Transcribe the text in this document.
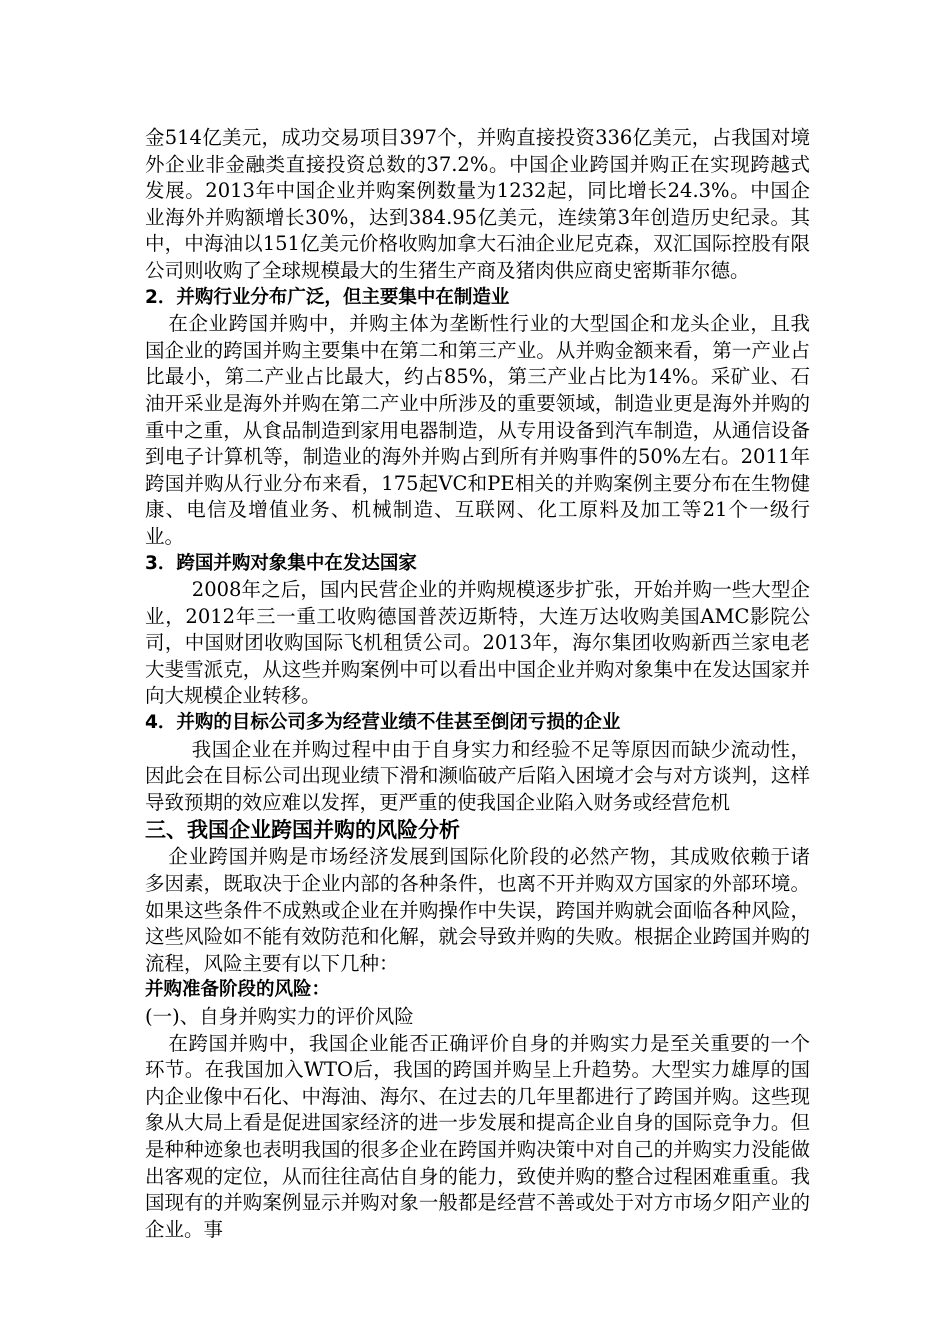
金514亿美元，成功交易项目397个，并购直接投资336亿美元，占我国对境外企业非金融类直接投资总数的37.2%。中国企业跨国并购正在实现跨越式发展。2013年中国企业并购案例数量为1232起，同比增长24.3%。中国企业海外并购额增长30%，达到384.95亿美元，连续第3年创造历史纪录。其中，中海油以151亿美元价格收购加拿大石油企业尼克森，双汇国际控股有限公司则收购了全球规模最大的生猪生产商及猪肉供应商史密斯菲尔德。

2．并购行业分布广泛，但主要集中在制造业

在企业跨国并购中，并购主体为垄断性行业的大型国企和龙头企业，且我国企业的跨国并购主要集中在第二和第三产业。从并购金额来看，第一产业占比最小，第二产业占比最大，约占85%，第三产业占比为14%。采矿业、石油开采业是海外并购在第二产业中所涉及的重要领域，制造业更是海外并购的重中之重，从食品制造到家用电器制造，从专用设备到汽车制造，从通信设备到电子计算机等，制造业的海外并购占到所有并购事件的50%左右。2011年跨国并购从行业分布来看，175起VC和PE相关的并购案例主要分布在生物健康、电信及增值业务、机械制造、互联网、化工原料及加工等21个一级行业。

3．跨国并购对象集中在发达国家

2008年之后，国内民营企业的并购规模逐步扩张，开始并购一些大型企业，2012年三一重工收购德国普茨迈斯特，大连万达收购美国AMC影院公司，中国财团收购国际飞机租赁公司。2013年，海尔集团收购新西兰家电老大斐雪派克，从这些并购案例中可以看出中国企业并购对象集中在发达国家并向大规模企业转移。

4．并购的目标公司多为经营业绩不佳甚至倒闭亏损的企业

我国企业在并购过程中由于自身实力和经验不足等原因而缺少流动性，因此会在目标公司出现业绩下滑和濒临破产后陷入困境才会与对方谈判，这样导致预期的效应难以发挥，更严重的使我国企业陷入财务或经营危机

三、我国企业跨国并购的风险分析

企业跨国并购是市场经济发展到国际化阶段的必然产物，其成败依赖于诸多因素，既取决于企业内部的各种条件，也离不开并购双方国家的外部环境。如果这些条件不成熟或企业在并购操作中失误，跨国并购就会面临各种风险，这些风险如不能有效防范和化解，就会导致并购的失败。根据企业跨国并购的流程，风险主要有以下几种：

并购准备阶段的风险：

(一)、自身并购实力的评价风险

在跨国并购中，我国企业能否正确评价自身的并购实力是至关重要的一个环节。在我国加入WTO后，我国的跨国并购呈上升趋势。大型实力雄厚的国内企业像中石化、中海油、海尔、在过去的几年里都进行了跨国并购。这些现象从大局上看是促进国家经济的进一步发展和提高企业自身的国际竞争力。但是种种迹象也表明我国的很多企业在跨国并购决策中对自己的并购实力没能做出客观的定位，从而往往高估自身的能力，致使并购的整合过程困难重重。我国现有的并购案例显示并购对象一般都是经营不善或处于对方市场夕阳产业的企业。事
